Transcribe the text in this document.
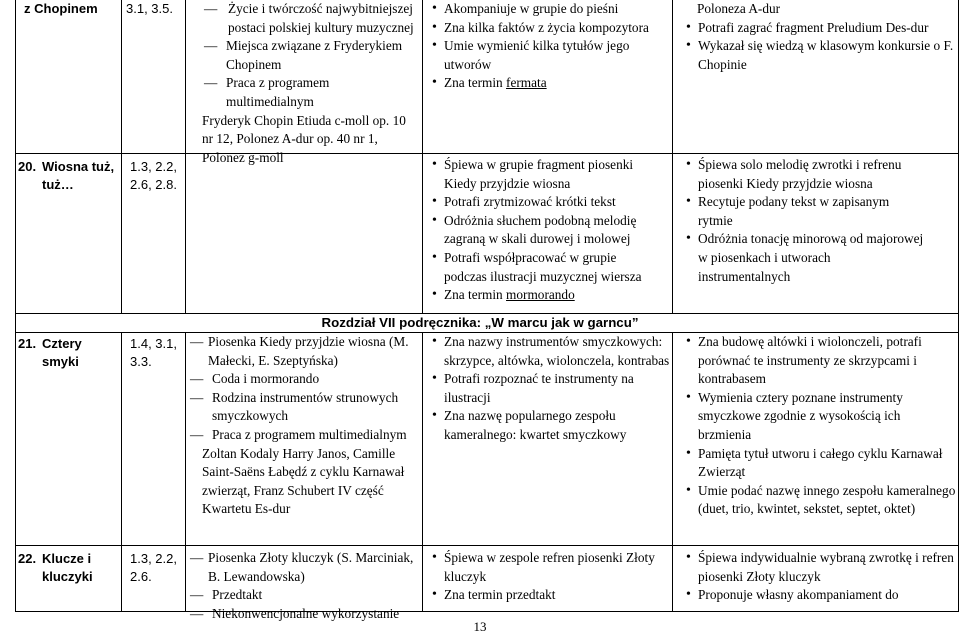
z Chopinem	3.1, 3.5.	— Życie i twórczość najwybitniejszej postaci polskiej kultury muzycznej
— Miejsca związane z Fryderykiem Chopinem
— Praca z programem multimedialnym
Fryderyk Chopin Etiuda c-moll op. 10 nr 12, Polonez A-dur op. 40 nr 1, Polonez g-moll
• Akompaniuje w grupie do pieśni
• Zna kilka faktów z życia kompozytora
• Umie wymienić kilka tytułów jego utworów
• Zna termin fermata
Poloneza A-dur
• Potrafi zagrać fragment Preludium Des-dur
• Wykazał się wiedzą w klasowym konkursie o F. Chopinie
20. Wiosna tuż, tuż…
1.3, 2.2, 2.6, 2.8.
• Śpiewa w grupie fragment piosenki
Kiedy przyjdzie wiosna
• Potrafi zrytmizować krótki tekst
• Odróżnia słuchem podobną melodię
zagraną w skali durowej i molowej
• Potrafi współpracować w grupie
podczas ilustracji muzycznej wiersza
• Zna termin mormorando
• Śpiewa solo melodię zwrotki i refrenu
piosenki Kiedy przyjdzie wiosna
• Recytuje podany tekst w zapisanym
rytmie
• Odróżnia tonację minorową od majorowej
w piosenkach i utworach
instrumentalnych
Rozdział VII podręcznika: „W marcu jak w garncu”
21. Cztery smyki
1.4, 3.1, 3.3.
— Piosenka Kiedy przyjdzie wiosna (M. Małecki, E. Szeptyńska)
— Coda i mormorando
— Rodzina instrumentów strunowych smyczkowych
— Praca z programem multimedialnym
Zoltan Kodaly Harry Janos, Camille Saint-Saëns Łabędź z cyklu Karnawał zwierząt, Franz Schubert IV część Kwartetu Es-dur
• Zna nazwy instrumentów smyczkowych: skrzypce, altówka, wiolonczela, kontrabas
• Potrafi rozpoznać te instrumenty na ilustracji
• Zna nazwę popularnego zespołu kameralnego: kwartet smyczkowy
• Zna budowę altówki i wiolonczeli, potrafi porównać te instrumenty ze skrzypcami i kontrabasem
• Wymienia cztery poznane instrumenty smyczkowe zgodnie z wysokością ich brzmienia
• Pamięta tytuł utworu i całego cyklu Karnawał Zwierząt
• Umie podać nazwę innego zespołu kameralnego (duet, trio, kwintet, sekstet, septet, oktet)
22. Klucze i kluczyki
1.3, 2.2, 2.6.
— Piosenka Złoty kluczyk (S. Marciniak, B. Lewandowska)
— Przedtakt
— Niekonwencjonalne wykorzystanie
• Śpiewa w zespole refren piosenki Złoty kluczyk
• Zna termin przedtakt
• Śpiewa indywidualnie wybraną zwrotkę i refren piosenki Złoty kluczyk
• Proponuje własny akompaniament do
13
